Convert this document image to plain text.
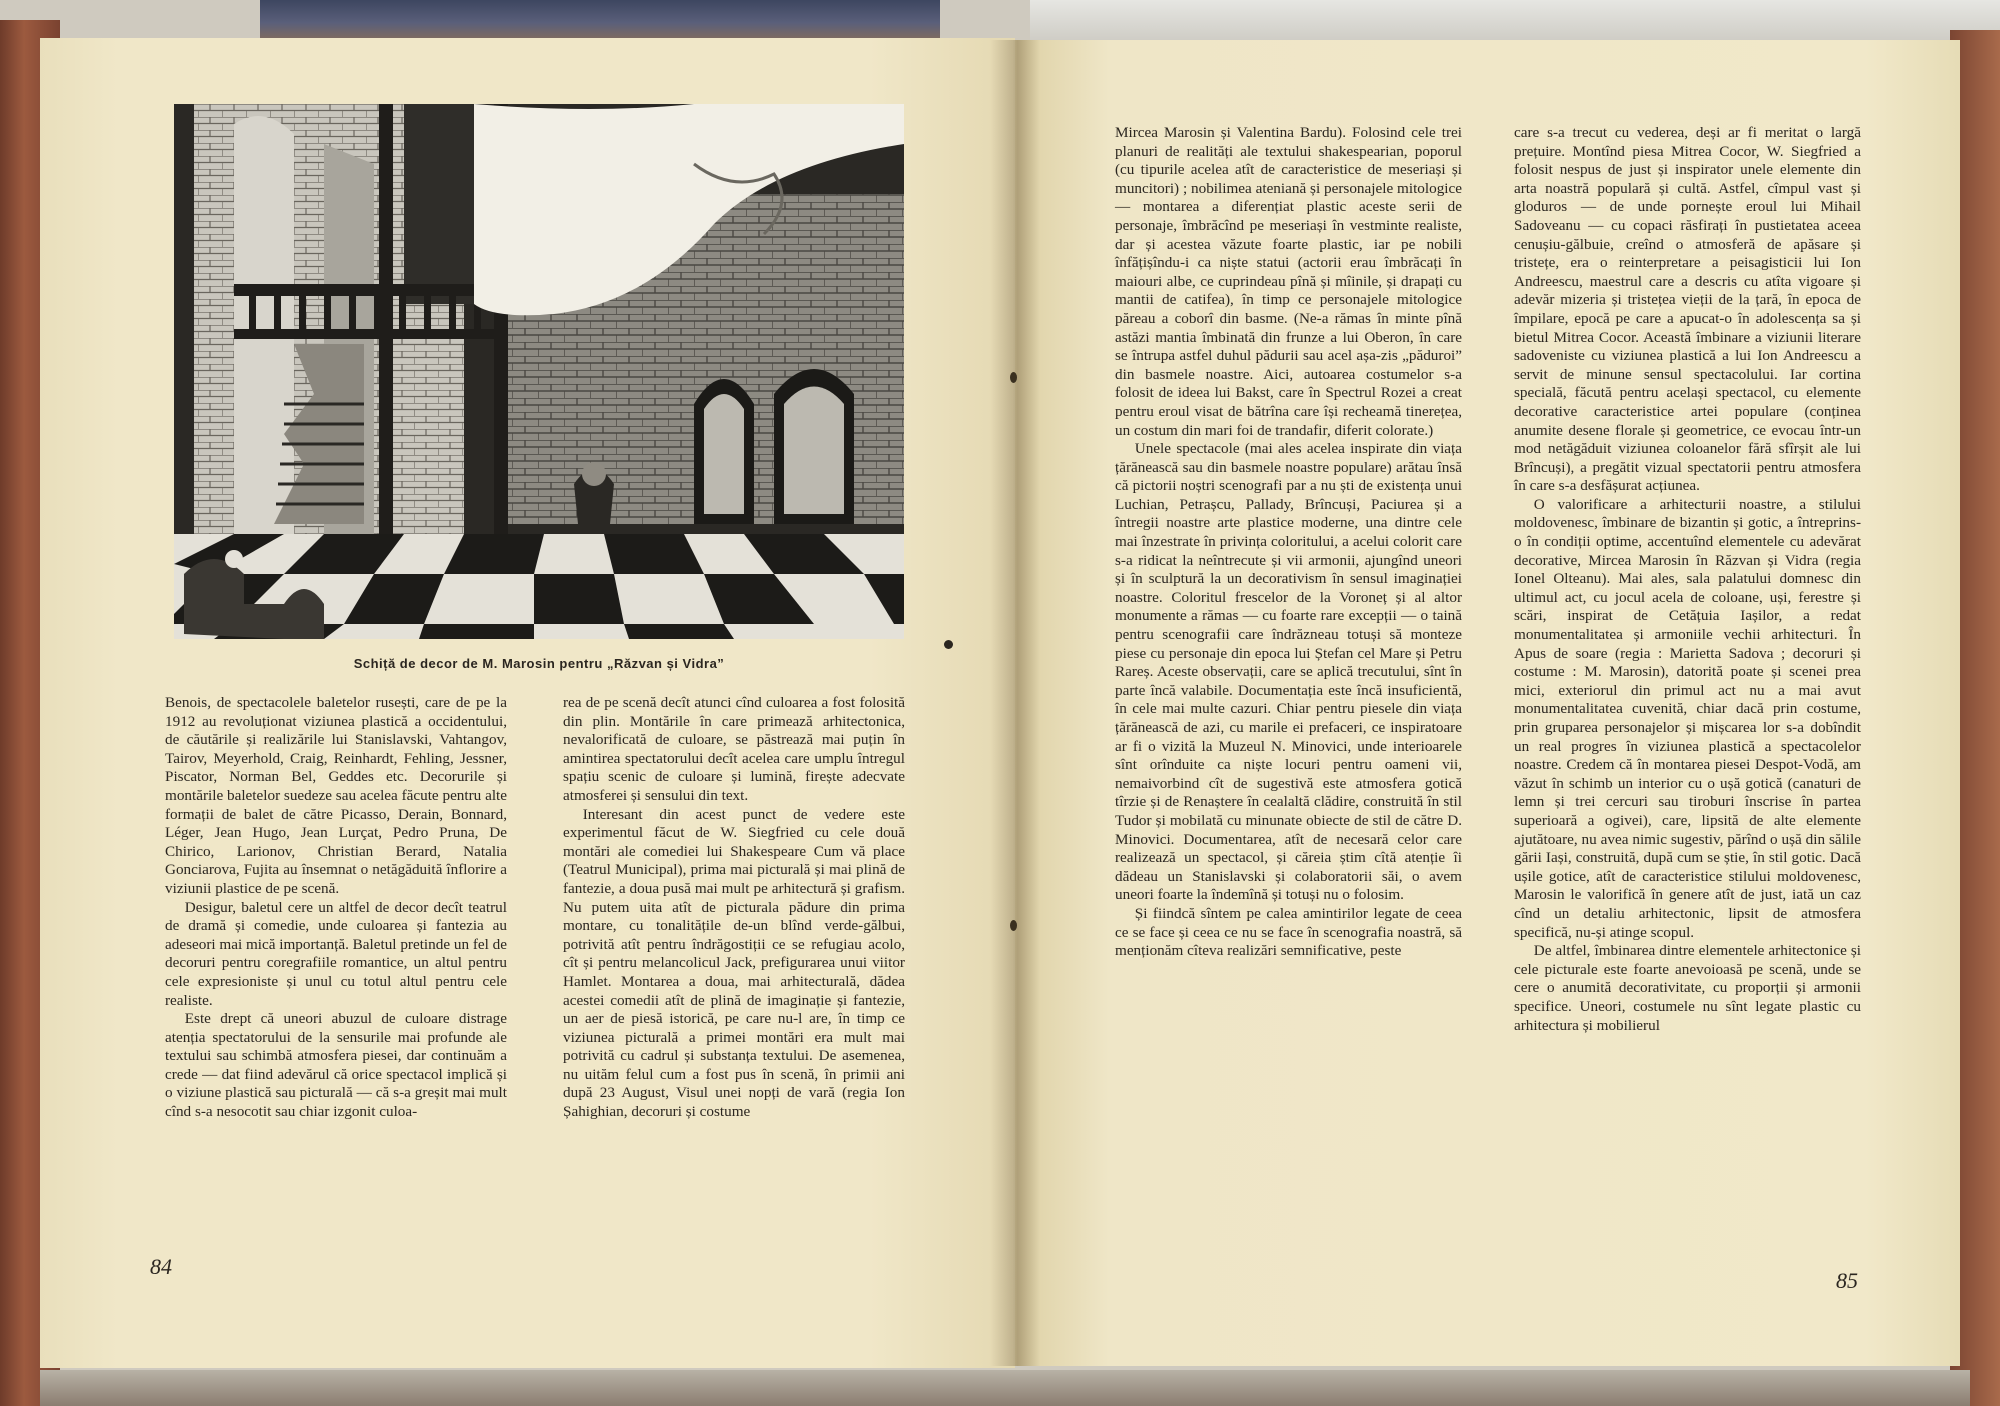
Schiță de decor de M. Marosin pentru „Răzvan și Vidra”

Benois, de spectacolele baletelor rusești, care de pe la 1912 au revoluționat viziunea plastică a occidentului, de căutările și realizările lui Stanislavski, Vahtangov, Tairov, Meyerhold, Craig, Reinhardt, Fehling, Jessner, Piscator, Norman Bel, Geddes etc. Decorurile și montările baletelor suedeze sau acelea făcute pentru alte formații de balet de către Picasso, Derain, Bonnard, Léger, Jean Hugo, Jean Lurçat, Pedro Pruna, De Chirico, Larionov, Christian Berard, Natalia Gonciarova, Fujita au însemnat o netăgăduită înflorire a viziunii plastice de pe scenă.

Desigur, baletul cere un altfel de decor decît teatrul de dramă și comedie, unde culoarea și fantezia au adeseori mai mică importanță. Baletul pretinde un fel de decoruri pentru coregrafiile romantice, un altul pentru cele expresioniste și unul cu totul altul pentru cele realiste.

Este drept că uneori abuzul de culoare distrage atenția spectatorului de la sensurile mai profunde ale textului sau schimbă atmosfera piesei, dar continuăm a crede — dat fiind adevărul că orice spectacol implică și o viziune plastică sau picturală — că s-a greșit mai mult cînd s-a nesocotit sau chiar izgonit culoa-

rea de pe scenă decît atunci cînd culoarea a fost folosită din plin. Montările în care primează arhitectonica, nevalorificată de culoare, se păstrează mai puțin în amintirea spectatorului decît acelea care umplu întregul spațiu scenic de culoare și lumină, firește adecvate atmosferei și sensului din text.

Interesant din acest punct de vedere este experimentul făcut de W. Siegfried cu cele două montări ale comediei lui Shakespeare Cum vă place (Teatrul Municipal), prima mai picturală și mai plină de fantezie, a doua pusă mai mult pe arhitectură și grafism. Nu putem uita atît de picturala pădure din prima montare, cu tonalitățile de-un blînd verde-gălbui, potrivită atît pentru îndrăgostiții ce se refugiau acolo, cît și pentru melancolicul Jack, prefigurarea unui viitor Hamlet. Montarea a doua, mai arhitecturală, dădea acestei comedii atît de plină de imaginație și fantezie, un aer de piesă istorică, pe care nu-l are, în timp ce viziunea picturală a primei montări era mult mai potrivită cu cadrul și substanța textului. De asemenea, nu uităm felul cum a fost pus în scenă, în primii ani după 23 August, Visul unei nopți de vară (regia Ion Șahighian, decoruri și costume

Mircea Marosin și Valentina Bardu). Folosind cele trei planuri de realități ale textului shakespearian, poporul (cu tipurile acelea atît de caracteristice de meseriași și muncitori) ; nobilimea ateniană și personajele mitologice — montarea a diferențiat plastic aceste serii de personaje, îmbrăcînd pe meseriași în vestminte realiste, dar și acestea văzute foarte plastic, iar pe nobili înfățișîndu-i ca niște statui (actorii erau îmbrăcați în maiouri albe, ce cuprindeau pînă și mîinile, și drapați cu mantii de catifea), în timp ce personajele mitologice păreau a coborî din basme. (Ne-a rămas în minte pînă astăzi mantia îmbinată din frunze a lui Oberon, în care se întrupa astfel duhul pădurii sau acel așa-zis „păduroi” din basmele noastre. Aici, autoarea costumelor s-a folosit de ideea lui Bakst, care în Spectrul Rozei a creat pentru eroul visat de bătrîna care își recheamă tinerețea, un costum din mari foi de trandafir, diferit colorate.)

Unele spectacole (mai ales acelea inspirate din viața țărănească sau din basmele noastre populare) arătau însă că pictorii noștri scenografi par a nu ști de existența unui Luchian, Petrașcu, Pallady, Brîncuși, Paciurea și a întregii noastre arte plastice moderne, una dintre cele mai înzestrate în privința coloritului, a acelui colorit care s-a ridicat la neîntrecute și vii armonii, ajungînd uneori și în sculptură la un decorativism în sensul imaginației noastre. Coloritul frescelor de la Voroneț și al altor monumente a rămas — cu foarte rare excepții — o taină pentru scenografii care îndrăzneau totuși să monteze piese cu personaje din epoca lui Ștefan cel Mare și Petru Rareș. Aceste observații, care se aplică trecutului, sînt în parte încă valabile. Documentația este încă insuficientă, în cele mai multe cazuri. Chiar pentru piesele din viața țărănească de azi, cu marile ei prefaceri, ce inspiratoare ar fi o vizită la Muzeul N. Minovici, unde interioarele sînt orînduite ca niște locuri pentru oameni vii, nemaivorbind cît de sugestivă este atmosfera gotică tîrzie și de Renaștere în cealaltă clădire, construită în stil Tudor și mobilată cu minunate obiecte de stil de către D. Minovici. Documentarea, atît de necesară celor care realizează un spectacol, și căreia știm cîtă atenție îi dădeau un Stanislavski și colaboratorii săi, o avem uneori foarte la îndemînă și totuși nu o folosim.

Și fiindcă sîntem pe calea amintirilor legate de ceea ce se face și ceea ce nu se face în scenografia noastră, să menționăm cîteva realizări semnificative, peste

care s-a trecut cu vederea, deși ar fi meritat o largă prețuire. Montînd piesa Mitrea Cocor, W. Siegfried a folosit nespus de just și inspirator unele elemente din arta noastră populară și cultă. Astfel, cîmpul vast și gloduros — de unde pornește eroul lui Mihail Sadoveanu — cu copaci răsfirați în pustietatea aceea cenușiu-gălbuie, creînd o atmosferă de apăsare și tristețe, era o reinterpretare a peisagisticii lui Ion Andreescu, maestrul care a descris cu atîta vigoare și adevăr mizeria și tristețea vieții de la țară, în epoca de împilare, epocă pe care a apucat-o în adolescența sa și bietul Mitrea Cocor. Această îmbinare a viziunii literare sadoveniste cu viziunea plastică a lui Ion Andreescu a servit de minune sensul spectacolului. Iar cortina specială, făcută pentru același spectacol, cu elemente decorative caracteristice artei populare (conținea anumite desene florale și geometrice, ce evocau într-un mod netăgăduit viziunea coloanelor fără sfîrșit ale lui Brîncuși), a pregătit vizual spectatorii pentru atmosfera în care s-a desfășurat acțiunea.

O valorificare a arhitecturii noastre, a stilului moldovenesc, îmbinare de bizantin și gotic, a întreprins-o în condiții optime, accentuînd elementele cu adevărat decorative, Mircea Marosin în Răzvan și Vidra (regia Ionel Olteanu). Mai ales, sala palatului domnesc din ultimul act, cu jocul acela de coloane, uși, ferestre și scări, inspirat de Cetățuia Iașilor, a redat monumentalitatea și armoniile vechii arhitecturi. În Apus de soare (regia : Marietta Sadova ; decoruri și costume : M. Marosin), datorită poate și scenei prea mici, exteriorul din primul act nu a mai avut monumentalitatea cuvenită, chiar dacă prin costume, prin gruparea personajelor și mișcarea lor s-a dobîndit un real progres în viziunea plastică a spectacolelor noastre. Credem că în montarea piesei Despot-Vodă, am văzut în schimb un interior cu o ușă gotică (canaturi de lemn și trei cercuri sau tiroburi înscrise în partea superioară a ogivei), care, lipsită de alte elemente ajutătoare, nu avea nimic sugestiv, părînd o ușă din sălile gării Iași, construită, după cum se știe, în stil gotic. Dacă ușile gotice, atît de caracteristice stilului moldovenesc, Marosin le valorifică în genere atît de just, iată un caz cînd un detaliu arhitectonic, lipsit de atmosfera specifică, nu-și atinge scopul.

De altfel, îmbinarea dintre elementele arhitectonice și cele picturale este foarte anevoioasă pe scenă, unde se cere o anumită decorativitate, cu proporții și armonii specifice. Uneori, costumele nu sînt legate plastic cu arhitectura și mobilierul

84
85
